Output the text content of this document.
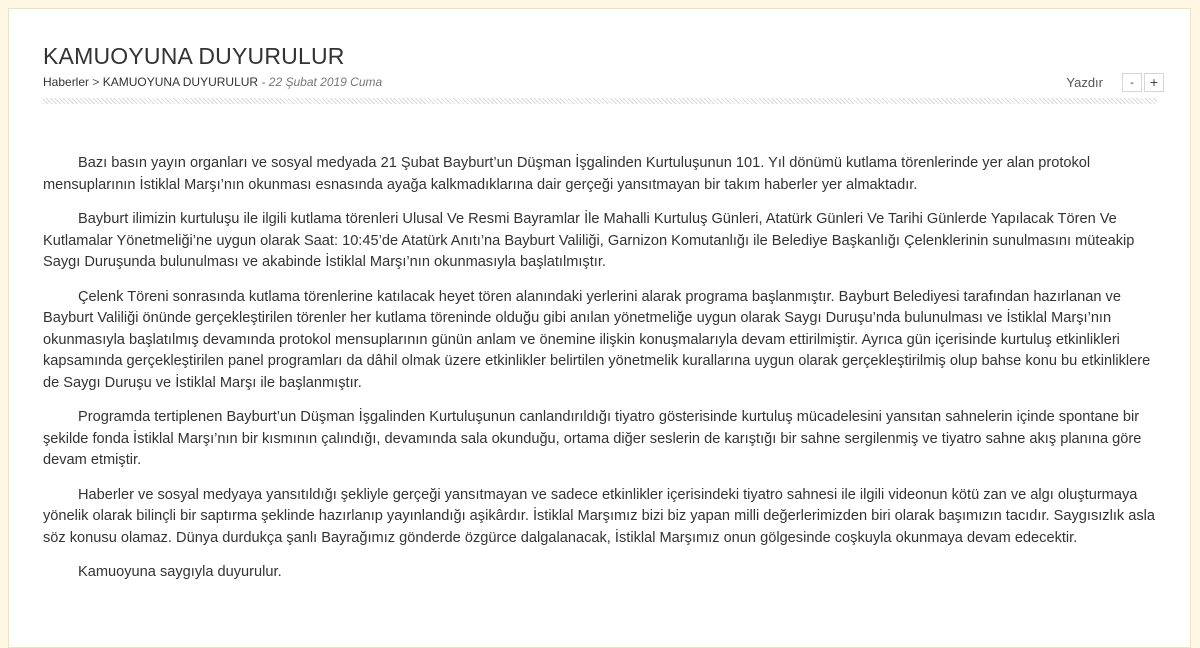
KAMUOYUNA DUYURULUR
Haberler > KAMUOYUNA DUYURULUR - 22 Şubat 2019 Cuma	Yazdır	-	+

Bazı basın yayın organları ve sosyal medyada 21 Şubat Bayburt’un Düşman İşgalinden Kurtuluşunun 101. Yıl dönümü kutlama törenlerinde yer alan protokol mensuplarının İstiklal Marşı’nın okunması esnasında ayağa kalkmadıklarına dair gerçeği yansıtmayan bir takım haberler yer almaktadır.

Bayburt ilimizin kurtuluşu ile ilgili kutlama törenleri Ulusal Ve Resmi Bayramlar İle Mahalli Kurtuluş Günleri, Atatürk Günleri Ve Tarihi Günlerde Yapılacak Tören Ve Kutlamalar Yönetmeliği’ne uygun olarak Saat: 10:45’de Atatürk Anıtı’na Bayburt Valiliği, Garnizon Komutanlığı ile Belediye Başkanlığı Çelenklerinin sunulmasını müteakip Saygı Duruşunda bulunulması ve akabinde İstiklal Marşı’nın okunmasıyla başlatılmıştır.

Çelenk Töreni sonrasında kutlama törenlerine katılacak heyet tören alanındaki yerlerini alarak programa başlanmıştır. Bayburt Belediyesi tarafından hazırlanan ve Bayburt Valiliği önünde gerçekleştirilen törenler her kutlama töreninde olduğu gibi anılan yönetmeliğe uygun olarak Saygı Duruşu’nda bulunulması ve İstiklal Marşı’nın okunmasıyla başlatılmış devamında protokol mensuplarının günün anlam ve önemine ilişkin konuşmalarıyla devam ettirilmiştir. Ayrıca gün içerisinde kurtuluş etkinlikleri kapsamında gerçekleştirilen panel programları da dâhil olmak üzere etkinlikler belirtilen yönetmelik kurallarına uygun olarak gerçekleştirilmiş olup bahse konu bu etkinliklere de Saygı Duruşu ve İstiklal Marşı ile başlanmıştır.

Programda tertiplenen Bayburt’un Düşman İşgalinden Kurtuluşunun canlandırıldığı tiyatro gösterisinde kurtuluş mücadelesini yansıtan sahnelerin içinde spontane bir şekilde fonda İstiklal Marşı’nın bir kısmının çalındığı, devamında sala okunduğu, ortama diğer seslerin de karıştığı bir sahne sergilenmiş ve tiyatro sahne akış planına göre devam etmiştir.

Haberler ve sosyal medyaya yansıtıldığı şekliyle gerçeği yansıtmayan ve sadece etkinlikler içerisindeki tiyatro sahnesi ile ilgili videonun kötü zan ve algı oluşturmaya yönelik olarak bilinçli bir saptırma şeklinde hazırlanıp yayınlandığı aşikârdır. İstiklal Marşımız bizi biz yapan milli değerlerimizden biri olarak başımızın tacıdır. Saygısızlık asla söz konusu olamaz. Dünya durdukça şanlı Bayrağımız gönderde özgürce dalgalanacak, İstiklal Marşımız onun gölgesinde coşkuyla okunmaya devam edecektir.

Kamuoyuna saygıyla duyurulur.
